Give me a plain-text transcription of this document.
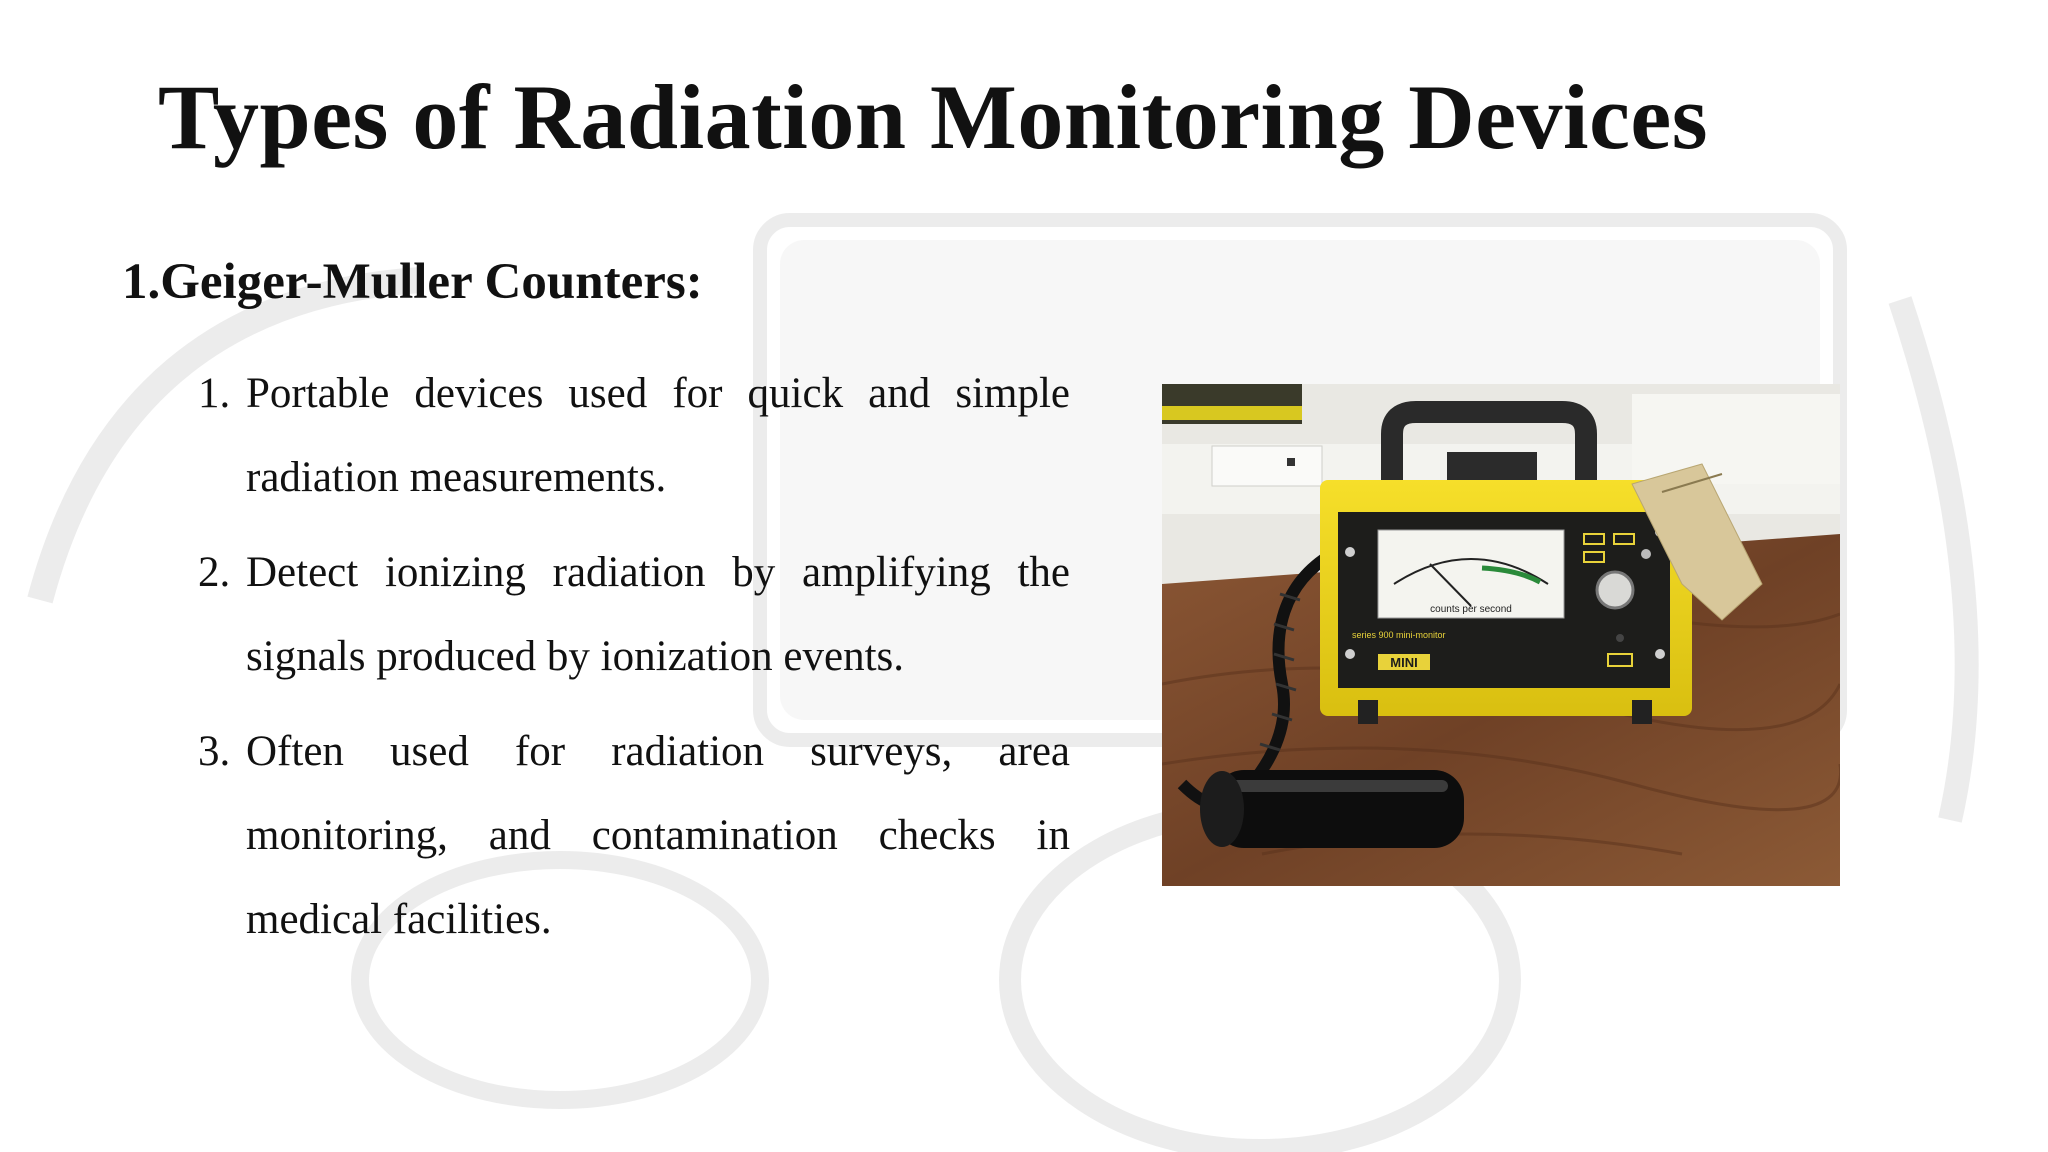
Types of Radiation Monitoring Devices
1.Geiger-Muller Counters:
1. Portable devices used for quick and simple radiation measurements.
2. Detect ionizing radiation by amplifying the signals produced by ionization events.
3. Often used for radiation surveys, area monitoring, and contamination checks in medical facilities.
counts per second
series 900 mini-monitor
MINI
